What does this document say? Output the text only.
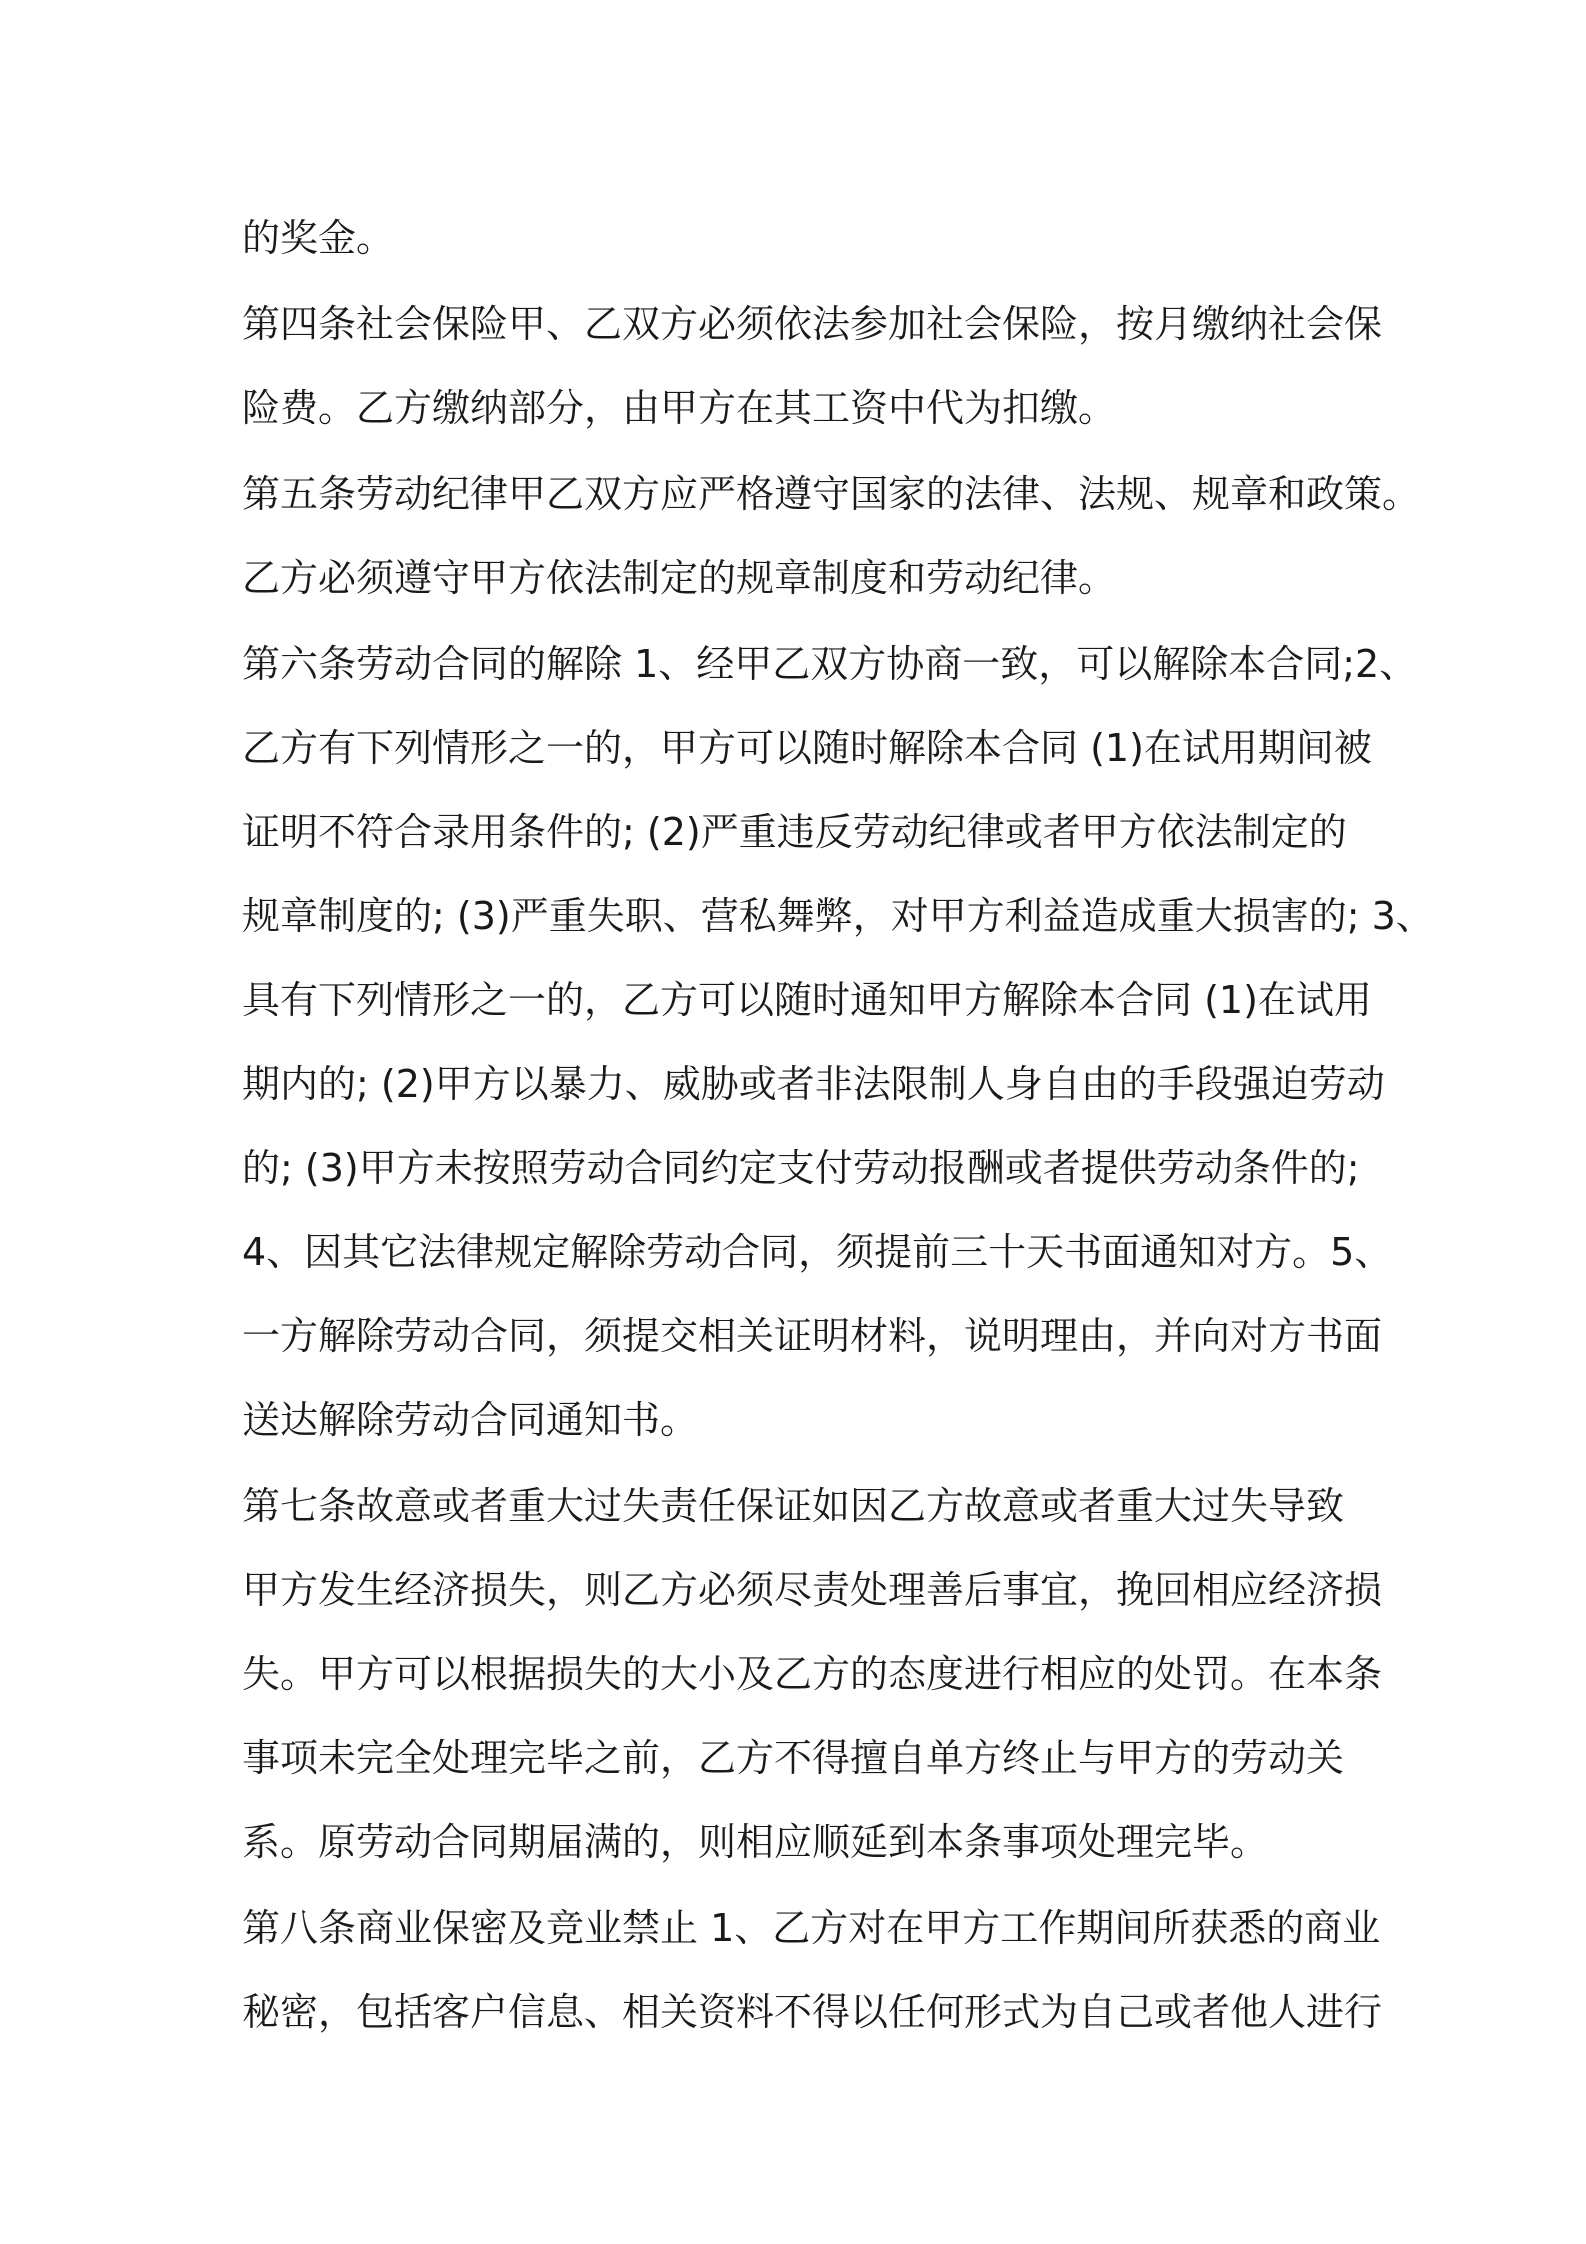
的奖金。

第四条社会保险甲、乙双方必须依法参加社会保险，按月缴纳社会保
险费。乙方缴纳部分，由甲方在其工资中代为扣缴。

第五条劳动纪律甲乙双方应严格遵守国家的法律、法规、规章和政策。
乙方必须遵守甲方依法制定的规章制度和劳动纪律。

第六条劳动合同的解除 1、经甲乙双方协商一致，可以解除本合同;2、
乙方有下列情形之一的，甲方可以随时解除本合同 (1)在试用期间被
证明不符合录用条件的; (2)严重违反劳动纪律或者甲方依法制定的
规章制度的; (3)严重失职、营私舞弊，对甲方利益造成重大损害的; 3、
具有下列情形之一的，乙方可以随时通知甲方解除本合同 (1)在试用
期内的; (2)甲方以暴力、威胁或者非法限制人身自由的手段强迫劳动
的; (3)甲方未按照劳动合同约定支付劳动报酬或者提供劳动条件的;
4、因其它法律规定解除劳动合同，须提前三十天书面通知对方。5、
一方解除劳动合同，须提交相关证明材料，说明理由，并向对方书面
送达解除劳动合同通知书。

第七条故意或者重大过失责任保证如因乙方故意或者重大过失导致
甲方发生经济损失，则乙方必须尽责处理善后事宜，挽回相应经济损
失。甲方可以根据损失的大小及乙方的态度进行相应的处罚。在本条
事项未完全处理完毕之前，乙方不得擅自单方终止与甲方的劳动关
系。原劳动合同期届满的，则相应顺延到本条事项处理完毕。

第八条商业保密及竞业禁止 1、乙方对在甲方工作期间所获悉的商业
秘密，包括客户信息、相关资料不得以任何形式为自己或者他人进行
